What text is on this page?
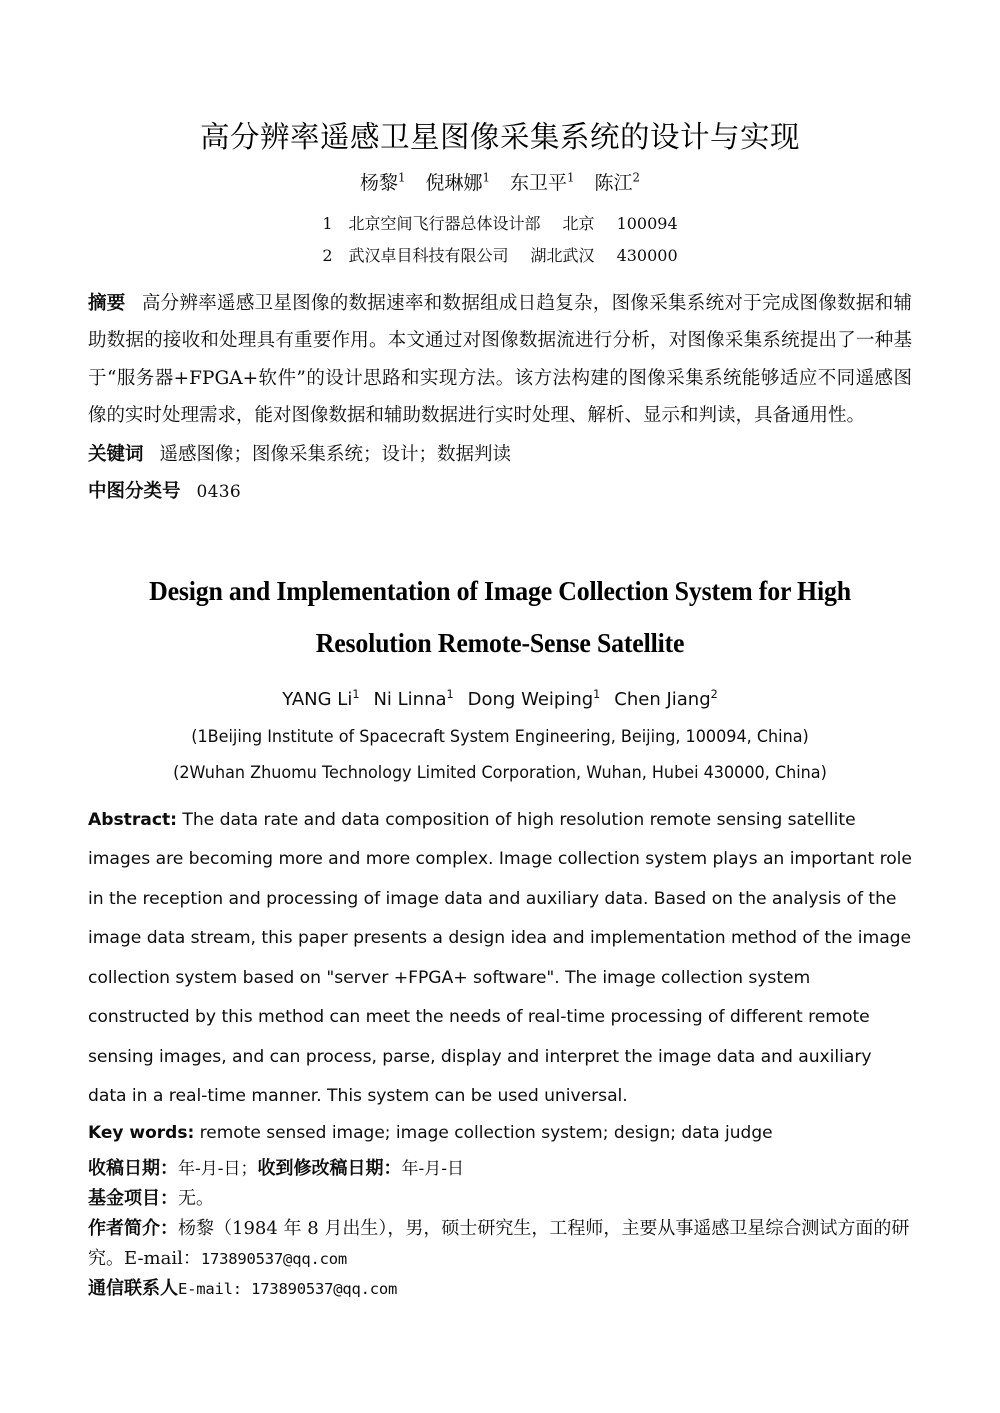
高分辨率遥感卫星图像采集系统的设计与实现
杨黎$^1$ 倪琳娜$^1$ 东卫平$^1$ 陈江$^2$
1 北京空间飞行器总体设计部 北京 100094
2 武汉卓目科技有限公司 湖北武汉 430000
摘要 高分辨率遥感卫星图像的数据速率和数据组成日趋复杂，图像采集系统对于完成图像数据和辅助数据的接收和处理具有重要作用。本文通过对图像数据流进行分析，对图像采集系统提出了一种基于“服务器+FPGA+软件”的设计思路和实现方法。该方法构建的图像采集系统能够适应不同遥感图像的实时处理需求，能对图像数据和辅助数据进行实时处理、解析、显示和判读，具备通用性。
关键词 遥感图像；图像采集系统；设计；数据判读
中图分类号 0436
Design and Implementation of Image Collection System for High
Resolution Remote-Sense Satellite
YANG Li$^1$ Ni Linna$^1$ Dong Weiping$^1$ Chen Jiang$^2$
(1Beijing Institute of Spacecraft System Engineering, Beijing, 100094, China)
(2Wuhan Zhuomu Technology Limited Corporation, Wuhan, Hubei 430000, China)
Abstract: The data rate and data composition of high resolution remote sensing satellite images are becoming more and more complex. Image collection system plays an important role in the reception and processing of image data and auxiliary data. Based on the analysis of the image data stream, this paper presents a design idea and implementation method of the image collection system based on "server +FPGA+ software". The image collection system constructed by this method can meet the needs of real-time processing of different remote sensing images, and can process, parse, display and interpret the image data and auxiliary data in a real-time manner. This system can be used universal.
Key words: remote sensed image; image collection system; design; data judge
收稿日期：年-月-日；收到修改稿日期：年-月-日
基金项目：无。
作者简介：杨黎（1984 年 8 月出生），男，硕士研究生，工程师，主要从事遥感卫星综合测试方面的研究。E-mail：173890537@qq.com
通信联系人E-mail: 173890537@qq.com
